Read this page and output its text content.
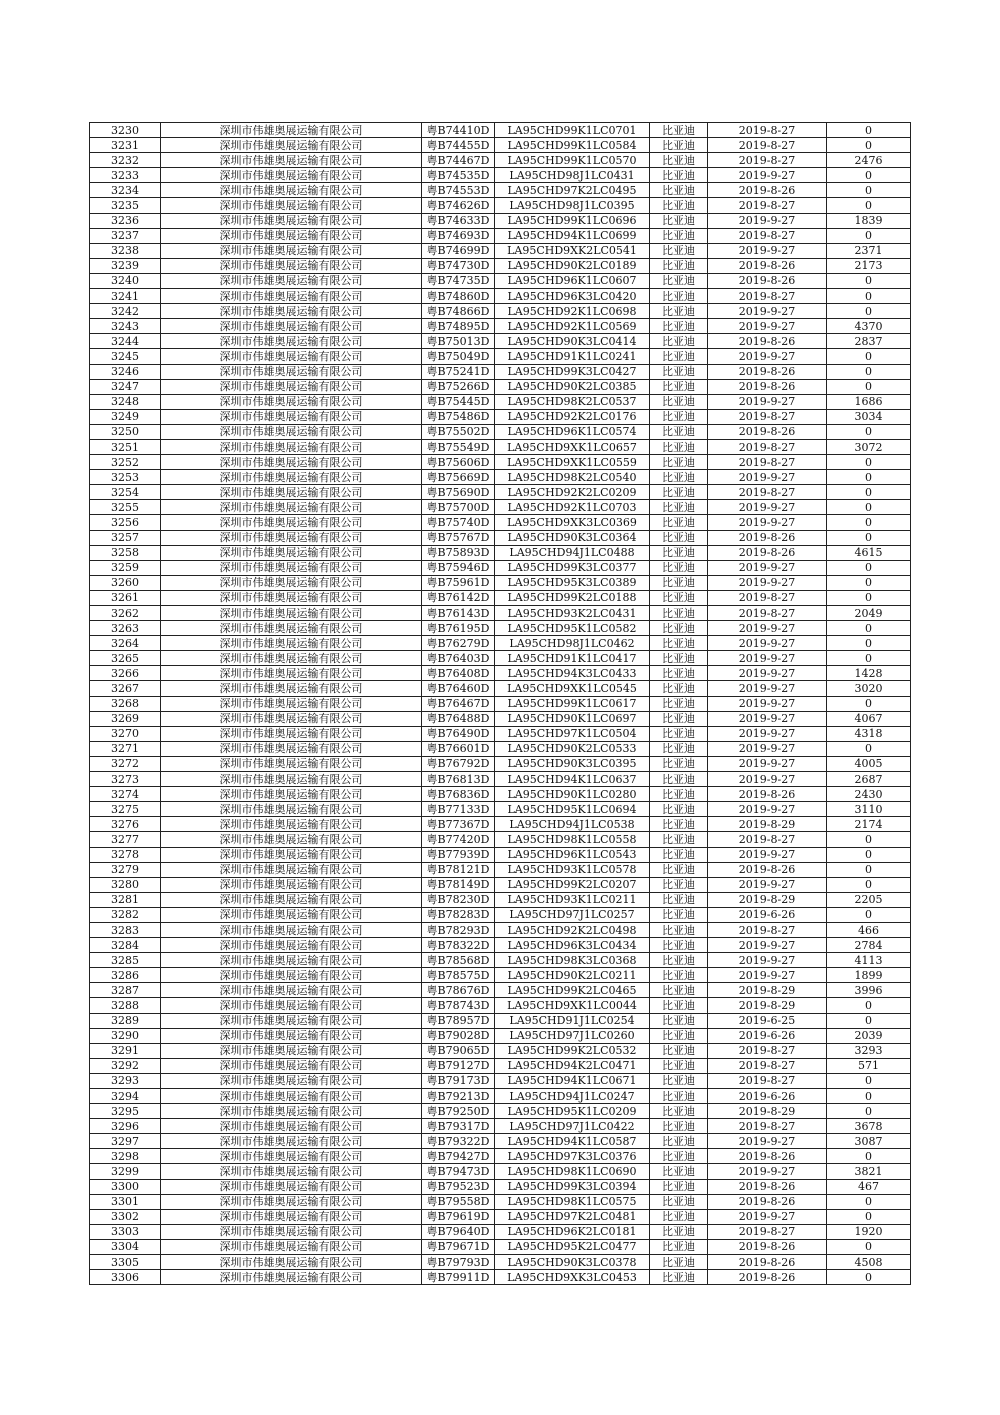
3230	深圳市伟雄奥展运输有限公司	粤B74410D	LA95CHD99K1LC0701	比亚迪	2019-8-27	0
3231	深圳市伟雄奥展运输有限公司	粤B74455D	LA95CHD99K1LC0584	比亚迪	2019-8-27	0
3232	深圳市伟雄奥展运输有限公司	粤B74467D	LA95CHD99K1LC0570	比亚迪	2019-8-27	2476
3233	深圳市伟雄奥展运输有限公司	粤B74535D	LA95CHD98J1LC0431	比亚迪	2019-9-27	0
3234	深圳市伟雄奥展运输有限公司	粤B74553D	LA95CHD97K2LC0495	比亚迪	2019-8-26	0
3235	深圳市伟雄奥展运输有限公司	粤B74626D	LA95CHD98J1LC0395	比亚迪	2019-8-27	0
3236	深圳市伟雄奥展运输有限公司	粤B74633D	LA95CHD99K1LC0696	比亚迪	2019-9-27	1839
3237	深圳市伟雄奥展运输有限公司	粤B74693D	LA95CHD94K1LC0699	比亚迪	2019-8-27	0
3238	深圳市伟雄奥展运输有限公司	粤B74699D	LA95CHD9XK2LC0541	比亚迪	2019-9-27	2371
3239	深圳市伟雄奥展运输有限公司	粤B74730D	LA95CHD90K2LC0189	比亚迪	2019-8-26	2173
3240	深圳市伟雄奥展运输有限公司	粤B74735D	LA95CHD96K1LC0607	比亚迪	2019-8-26	0
3241	深圳市伟雄奥展运输有限公司	粤B74860D	LA95CHD96K3LC0420	比亚迪	2019-8-27	0
3242	深圳市伟雄奥展运输有限公司	粤B74866D	LA95CHD92K1LC0698	比亚迪	2019-9-27	0
3243	深圳市伟雄奥展运输有限公司	粤B74895D	LA95CHD92K1LC0569	比亚迪	2019-9-27	4370
3244	深圳市伟雄奥展运输有限公司	粤B75013D	LA95CHD90K3LC0414	比亚迪	2019-8-26	2837
3245	深圳市伟雄奥展运输有限公司	粤B75049D	LA95CHD91K1LC0241	比亚迪	2019-9-27	0
3246	深圳市伟雄奥展运输有限公司	粤B75241D	LA95CHD99K3LC0427	比亚迪	2019-8-26	0
3247	深圳市伟雄奥展运输有限公司	粤B75266D	LA95CHD90K2LC0385	比亚迪	2019-8-26	0
3248	深圳市伟雄奥展运输有限公司	粤B75445D	LA95CHD98K2LC0537	比亚迪	2019-9-27	1686
3249	深圳市伟雄奥展运输有限公司	粤B75486D	LA95CHD92K2LC0176	比亚迪	2019-8-27	3034
3250	深圳市伟雄奥展运输有限公司	粤B75502D	LA95CHD96K1LC0574	比亚迪	2019-8-26	0
3251	深圳市伟雄奥展运输有限公司	粤B75549D	LA95CHD9XK1LC0657	比亚迪	2019-8-27	3072
3252	深圳市伟雄奥展运输有限公司	粤B75606D	LA95CHD9XK1LC0559	比亚迪	2019-8-27	0
3253	深圳市伟雄奥展运输有限公司	粤B75669D	LA95CHD98K2LC0540	比亚迪	2019-9-27	0
3254	深圳市伟雄奥展运输有限公司	粤B75690D	LA95CHD92K2LC0209	比亚迪	2019-8-27	0
3255	深圳市伟雄奥展运输有限公司	粤B75700D	LA95CHD92K1LC0703	比亚迪	2019-9-27	0
3256	深圳市伟雄奥展运输有限公司	粤B75740D	LA95CHD9XK3LC0369	比亚迪	2019-9-27	0
3257	深圳市伟雄奥展运输有限公司	粤B75767D	LA95CHD90K3LC0364	比亚迪	2019-8-26	0
3258	深圳市伟雄奥展运输有限公司	粤B75893D	LA95CHD94J1LC0488	比亚迪	2019-8-26	4615
3259	深圳市伟雄奥展运输有限公司	粤B75946D	LA95CHD99K3LC0377	比亚迪	2019-9-27	0
3260	深圳市伟雄奥展运输有限公司	粤B75961D	LA95CHD95K3LC0389	比亚迪	2019-9-27	0
3261	深圳市伟雄奥展运输有限公司	粤B76142D	LA95CHD99K2LC0188	比亚迪	2019-8-27	0
3262	深圳市伟雄奥展运输有限公司	粤B76143D	LA95CHD93K2LC0431	比亚迪	2019-8-27	2049
3263	深圳市伟雄奥展运输有限公司	粤B76195D	LA95CHD95K1LC0582	比亚迪	2019-9-27	0
3264	深圳市伟雄奥展运输有限公司	粤B76279D	LA95CHD98J1LC0462	比亚迪	2019-9-27	0
3265	深圳市伟雄奥展运输有限公司	粤B76403D	LA95CHD91K1LC0417	比亚迪	2019-9-27	0
3266	深圳市伟雄奥展运输有限公司	粤B76408D	LA95CHD94K3LC0433	比亚迪	2019-9-27	1428
3267	深圳市伟雄奥展运输有限公司	粤B76460D	LA95CHD9XK1LC0545	比亚迪	2019-9-27	3020
3268	深圳市伟雄奥展运输有限公司	粤B76467D	LA95CHD99K1LC0617	比亚迪	2019-9-27	0
3269	深圳市伟雄奥展运输有限公司	粤B76488D	LA95CHD90K1LC0697	比亚迪	2019-9-27	4067
3270	深圳市伟雄奥展运输有限公司	粤B76490D	LA95CHD97K1LC0504	比亚迪	2019-9-27	4318
3271	深圳市伟雄奥展运输有限公司	粤B76601D	LA95CHD90K2LC0533	比亚迪	2019-9-27	0
3272	深圳市伟雄奥展运输有限公司	粤B76792D	LA95CHD90K3LC0395	比亚迪	2019-9-27	4005
3273	深圳市伟雄奥展运输有限公司	粤B76813D	LA95CHD94K1LC0637	比亚迪	2019-9-27	2687
3274	深圳市伟雄奥展运输有限公司	粤B76836D	LA95CHD90K1LC0280	比亚迪	2019-8-26	2430
3275	深圳市伟雄奥展运输有限公司	粤B77133D	LA95CHD95K1LC0694	比亚迪	2019-9-27	3110
3276	深圳市伟雄奥展运输有限公司	粤B77367D	LA95CHD94J1LC0538	比亚迪	2019-8-29	2174
3277	深圳市伟雄奥展运输有限公司	粤B77420D	LA95CHD98K1LC0558	比亚迪	2019-8-27	0
3278	深圳市伟雄奥展运输有限公司	粤B77939D	LA95CHD96K1LC0543	比亚迪	2019-9-27	0
3279	深圳市伟雄奥展运输有限公司	粤B78121D	LA95CHD93K1LC0578	比亚迪	2019-8-26	0
3280	深圳市伟雄奥展运输有限公司	粤B78149D	LA95CHD99K2LC0207	比亚迪	2019-9-27	0
3281	深圳市伟雄奥展运输有限公司	粤B78230D	LA95CHD93K1LC0211	比亚迪	2019-8-29	2205
3282	深圳市伟雄奥展运输有限公司	粤B78283D	LA95CHD97J1LC0257	比亚迪	2019-6-26	0
3283	深圳市伟雄奥展运输有限公司	粤B78293D	LA95CHD92K2LC0498	比亚迪	2019-8-27	466
3284	深圳市伟雄奥展运输有限公司	粤B78322D	LA95CHD96K3LC0434	比亚迪	2019-9-27	2784
3285	深圳市伟雄奥展运输有限公司	粤B78568D	LA95CHD98K3LC0368	比亚迪	2019-9-27	4113
3286	深圳市伟雄奥展运输有限公司	粤B78575D	LA95CHD90K2LC0211	比亚迪	2019-9-27	1899
3287	深圳市伟雄奥展运输有限公司	粤B78676D	LA95CHD99K2LC0465	比亚迪	2019-8-29	3996
3288	深圳市伟雄奥展运输有限公司	粤B78743D	LA95CHD9XK1LC0044	比亚迪	2019-8-29	0
3289	深圳市伟雄奥展运输有限公司	粤B78957D	LA95CHD91J1LC0254	比亚迪	2019-6-25	0
3290	深圳市伟雄奥展运输有限公司	粤B79028D	LA95CHD97J1LC0260	比亚迪	2019-6-26	2039
3291	深圳市伟雄奥展运输有限公司	粤B79065D	LA95CHD99K2LC0532	比亚迪	2019-8-27	3293
3292	深圳市伟雄奥展运输有限公司	粤B79127D	LA95CHD94K2LC0471	比亚迪	2019-8-27	571
3293	深圳市伟雄奥展运输有限公司	粤B79173D	LA95CHD94K1LC0671	比亚迪	2019-8-27	0
3294	深圳市伟雄奥展运输有限公司	粤B79213D	LA95CHD94J1LC0247	比亚迪	2019-6-26	0
3295	深圳市伟雄奥展运输有限公司	粤B79250D	LA95CHD95K1LC0209	比亚迪	2019-8-29	0
3296	深圳市伟雄奥展运输有限公司	粤B79317D	LA95CHD97J1LC0422	比亚迪	2019-8-27	3678
3297	深圳市伟雄奥展运输有限公司	粤B79322D	LA95CHD94K1LC0587	比亚迪	2019-9-27	3087
3298	深圳市伟雄奥展运输有限公司	粤B79427D	LA95CHD97K3LC0376	比亚迪	2019-8-26	0
3299	深圳市伟雄奥展运输有限公司	粤B79473D	LA95CHD98K1LC0690	比亚迪	2019-9-27	3821
3300	深圳市伟雄奥展运输有限公司	粤B79523D	LA95CHD99K3LC0394	比亚迪	2019-8-26	467
3301	深圳市伟雄奥展运输有限公司	粤B79558D	LA95CHD98K1LC0575	比亚迪	2019-8-26	0
3302	深圳市伟雄奥展运输有限公司	粤B79619D	LA95CHD97K2LC0481	比亚迪	2019-9-27	0
3303	深圳市伟雄奥展运输有限公司	粤B79640D	LA95CHD96K2LC0181	比亚迪	2019-8-27	1920
3304	深圳市伟雄奥展运输有限公司	粤B79671D	LA95CHD95K2LC0477	比亚迪	2019-8-26	0
3305	深圳市伟雄奥展运输有限公司	粤B79793D	LA95CHD90K3LC0378	比亚迪	2019-8-26	4508
3306	深圳市伟雄奥展运输有限公司	粤B79911D	LA95CHD9XK3LC0453	比亚迪	2019-8-26	0
